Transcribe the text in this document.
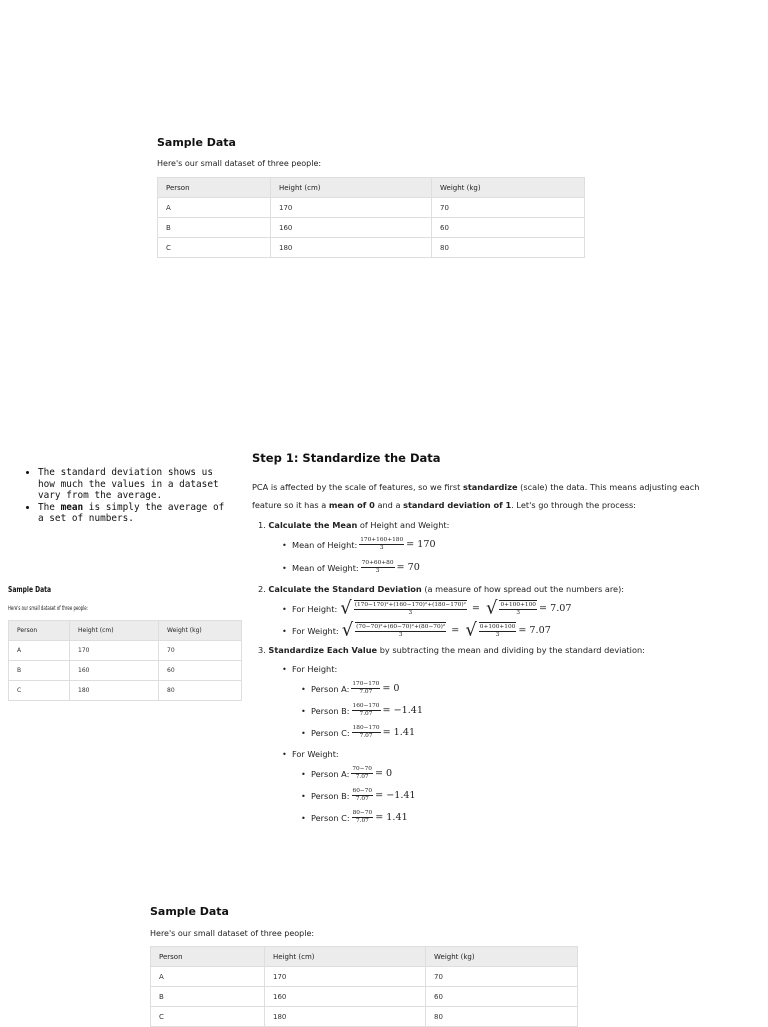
Sample Data

Here's our small dataset of three people:

Person	Height (cm)	Weight (kg)
A	170	70
B	160	60
C	180	80
• The standard deviation shows us how much the values in a dataset vary from the average.
• The mean is simply the average of a set of numbers.
Sample Data

Here's our small dataset of three people:

Person	Height (cm)	Weight (kg)
A	170	70
B	160	60
C	180	80
Step 1: Standardize the Data
PCA is affected by the scale of features, so we first standardize (scale) the data. This means adjusting each feature so it has a mean of 0 and a standard deviation of 1. Let's go through the process:
1. Calculate the Mean of Height and Weight:
• Mean of Height: $\frac{170+160+180}{3} = 170$
• Mean of Weight: $\frac{70+60+80}{3} = 70$
2. Calculate the Standard Deviation (a measure of how spread out the numbers are):
• For Height: √ $\frac{\text{(170−170)²+(160−170)²+(180−170)²}}{3}$ = √ $\frac{0+100+100}{3} = 7.07$
• For Weight: √ $\frac{\text{(70−70)²+(60−70)²+(80−70)²}}{3}$ = √ $\frac{0+100+100}{3} = 7.07$
3. Standardize Each Value by subtracting the mean and dividing by the standard deviation:
• For Height:
• Person A: $\frac{170-170}{7.07} = 0$
• Person B: $\frac{160-170}{7.07} = -1.41$
• Person C: $\frac{180-170}{7.07} = 1.41$
• For Weight:
• Person A: $\frac{70-70}{7.07} = 0$
• Person B: $\frac{60-70}{7.07} = -1.41$
• Person C: $\frac{80-70}{7.07} = 1.41$
Sample Data

Here's our small dataset of three people:

Person	Height (cm)	Weight (kg)
A	170	70
B	160	60
C	180	80
